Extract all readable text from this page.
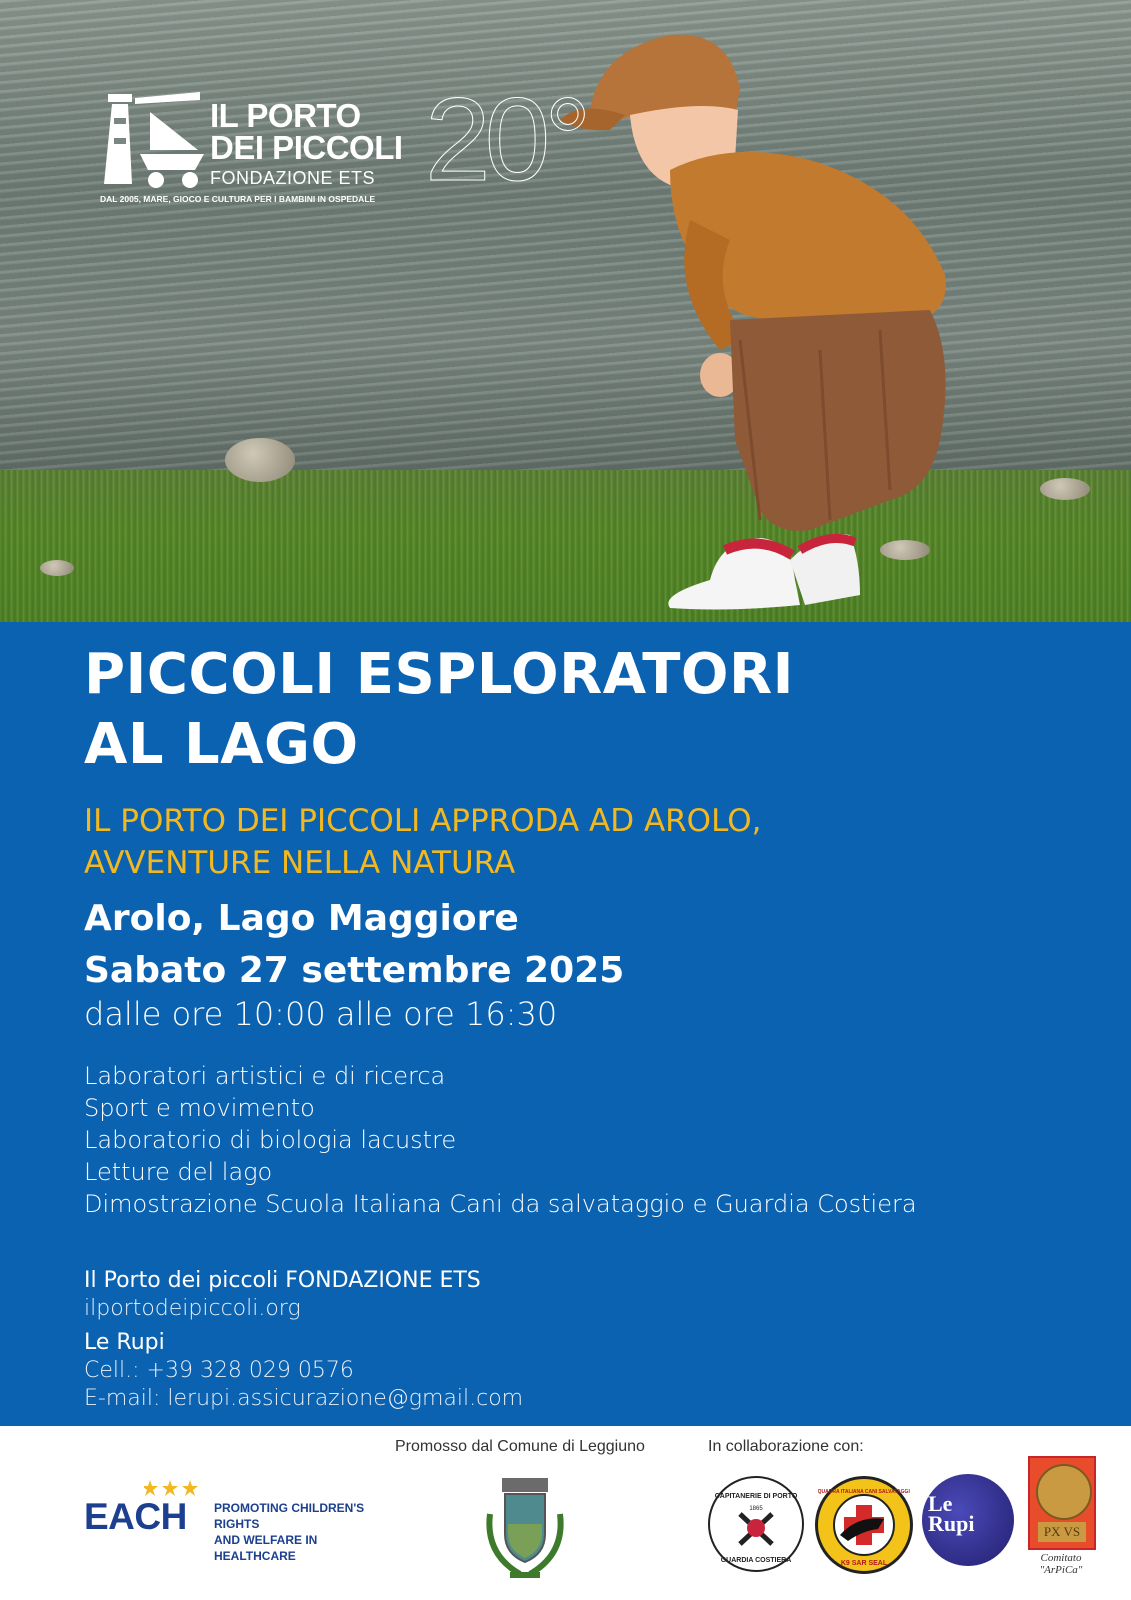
IL PORTO
DEI PICCOLI
FONDAZIONE ETS
DAL 2005, MARE, GIOCO E CULTURA PER I BAMBINI IN OSPEDALE 20°
PICCOLI ESPLORATORI
AL LAGO
IL PORTO DEI PICCOLI APPRODA AD AROLO,
AVVENTURE NELLA NATURA
Arolo, Lago Maggiore
Sabato 27 settembre 2025
dalle ore 10:00 alle ore 16:30
Laboratori artistici e di ricerca
Sport e movimento
Laboratorio di biologia lacustre
Letture del lago
Dimostrazione Scuola Italiana Cani da salvataggio e Guardia Costiera
Il Porto dei piccoli FONDAZIONE ETS
ilportodeipiccoli.org
Le Rupi
Cell.: +39 328 029 0576
E-mail: lerupi.assicurazione@gmail.com
Promosso dal Comune di Leggiuno	In collaborazione con:
EACH PROMOTING CHILDREN'S RIGHTS
AND WELFARE IN HEALTHCARE
CAPITANERIE DI PORTO
1865
GUARDIA COSTIERA
SQUADRA ITALIANA CANI SALVATAGGIO
K9 SAR SEAL
Le Rupi	PX VS
Comitato
"ArPiCa"
